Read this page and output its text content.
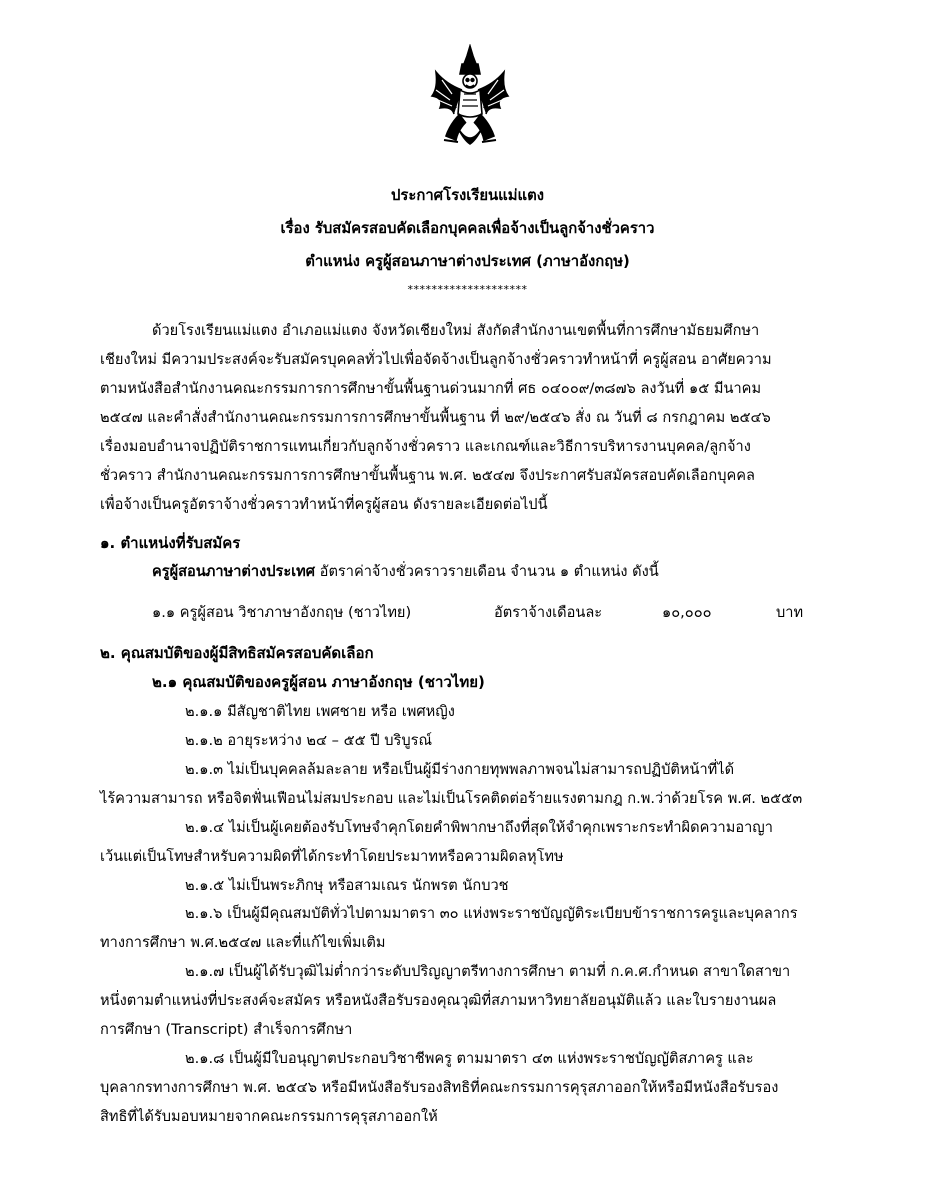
ประกาศโรงเรียนแม่แตง
เรื่อง รับสมัครสอบคัดเลือกบุคคลเพื่อจ้างเป็นลูกจ้างชั่วคราว
ตำแหน่ง ครูผู้สอนภาษาต่างประเทศ (ภาษาอังกฤษ)
********************
ด้วยโรงเรียนแม่แตง อำเภอแม่แตง จังหวัดเชียงใหม่ สังกัดสำนักงานเขตพื้นที่การศึกษามัธยมศึกษา
เชียงใหม่ มีความประสงค์จะรับสมัครบุคคลทั่วไปเพื่อจัดจ้างเป็นลูกจ้างชั่วคราวทำหน้าที่ ครูผู้สอน อาศัยความ
ตามหนังสือสำนักงานคณะกรรมการการศึกษาขั้นพื้นฐานด่วนมากที่ ศธ ๐๔๐๐๙/๓๘๗๖ ลงวันที่ ๑๕ มีนาคม
๒๕๔๗ และคำสั่งสำนักงานคณะกรรมการการศึกษาขั้นพื้นฐาน ที่ ๒๙/๒๕๔๖ สั่ง ณ วันที่ ๘ กรกฎาคม ๒๕๔๖
เรื่องมอบอำนาจปฏิบัติราชการแทนเกี่ยวกับลูกจ้างชั่วคราว และเกณฑ์และวิธีการบริหารงานบุคคล/ลูกจ้าง
ชั่วคราว สำนักงานคณะกรรมการการศึกษาขั้นพื้นฐาน พ.ศ. ๒๕๔๗ จึงประกาศรับสมัครสอบคัดเลือกบุคคล
เพื่อจ้างเป็นครูอัตราจ้างชั่วคราวทำหน้าที่ครูผู้สอน ดังรายละเอียดต่อไปนี้
๑. ตำแหน่งที่รับสมัคร
ครูผู้สอนภาษาต่างประเทศ อัตราค่าจ้างชั่วคราวรายเดือน จำนวน ๑ ตำแหน่ง ดังนี้
๑.๑ ครูผู้สอน วิชาภาษาอังกฤษ (ชาวไทย)	อัตราจ้างเดือนละ	๑๐,๐๐๐	บาท
๒. คุณสมบัติของผู้มีสิทธิสมัครสอบคัดเลือก
๒.๑ คุณสมบัติของครูผู้สอน ภาษาอังกฤษ (ชาวไทย)
๒.๑.๑ มีสัญชาติไทย เพศชาย หรือ เพศหญิง
๒.๑.๒ อายุระหว่าง ๒๔ – ๕๕ ปี บริบูรณ์
๒.๑.๓ ไม่เป็นบุคคลล้มละลาย หรือเป็นผู้มีร่างกายทุพพลภาพจนไม่สามารถปฏิบัติหน้าที่ได้
ไร้ความสามารถ หรือจิตฟั่นเฟือนไม่สมประกอบ และไม่เป็นโรคติดต่อร้ายแรงตามกฎ ก.พ.ว่าด้วยโรค พ.ศ. ๒๕๕๓
๒.๑.๔ ไม่เป็นผู้เคยต้องรับโทษจำคุกโดยคำพิพากษาถึงที่สุดให้จำคุกเพราะกระทำผิดความอาญา
เว้นแต่เป็นโทษสำหรับความผิดที่ได้กระทำโดยประมาทหรือความผิดลหุโทษ
๒.๑.๕ ไม่เป็นพระภิกษุ หรือสามเณร นักพรต นักบวช
๒.๑.๖ เป็นผู้มีคุณสมบัติทั่วไปตามมาตรา ๓๐ แห่งพระราชบัญญัติระเบียบข้าราชการครูและบุคลากร
ทางการศึกษา พ.ศ.๒๕๔๗ และที่แก้ไขเพิ่มเติม
๒.๑.๗ เป็นผู้ได้รับวุฒิไม่ต่ำกว่าระดับปริญญาตรีทางการศึกษา ตามที่ ก.ค.ศ.กำหนด สาขาใดสาขา
หนึ่งตามตำแหน่งที่ประสงค์จะสมัคร หรือหนังสือรับรองคุณวุฒิที่สภามหาวิทยาลัยอนุมัติแล้ว และใบรายงานผล
การศึกษา (Transcript) สำเร็จการศึกษา
๒.๑.๘ เป็นผู้มีใบอนุญาตประกอบวิชาชีพครู ตามมาตรา ๔๓ แห่งพระราชบัญญัติสภาครู และ
บุคลากรทางการศึกษา พ.ศ. ๒๕๔๖ หรือมีหนังสือรับรองสิทธิที่คณะกรรมการคุรุสภาออกให้หรือมีหนังสือรับรอง
สิทธิที่ได้รับมอบหมายจากคณะกรรมการคุรุสภาออกให้
